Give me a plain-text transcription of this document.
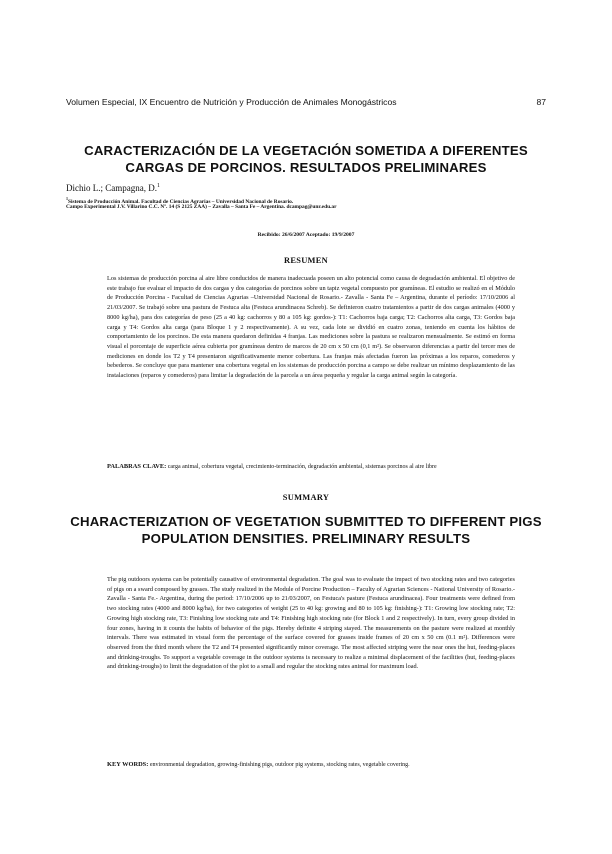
Volumen Especial, IX Encuentro de Nutrición y Producción de Animales Monogástricos	87
CARACTERIZACIÓN DE LA VEGETACIÓN SOMETIDA A DIFERENTES CARGAS DE PORCINOS. RESULTADOS PRELIMINARES
Dichio L.; Campagna, D.$^1$
$^1$Sistema de Producción Animal. Facultad de Ciencias Agrarias – Universidad Nacional de Rosario.
Campo Experimental J.V. Villarino C.C. Nº. 14 (S 2125 ZAA) – Zavalla – Santa Fe – Argentina. dcampag@unr.edu.ar
Recibido: 26/6/2007 Aceptado: 19/9/2007
RESUMEN
Los sistemas de producción porcina al aire libre conducidos de manera inadecuada poseen un alto potencial como causa de degradación ambiental. El objetivo de este trabajo fue evaluar el impacto de dos cargas y dos categorías de porcinos sobre un tapiz vegetal compuesto por gramíneas. El estudio se realizó en el Módulo de Producción Porcina - Facultad de Ciencias Agrarias –Universidad Nacional de Rosario.- Zavalla - Santa Fe – Argentina, durante el período: 17/10/2006 al 21/03/2007. Se trabajó sobre una pastura de Festuca alta (Festuca arundinacea Schreb). Se definieron cuatro tratamientos a partir de dos cargas animales (4000 y 8000 kg/ha), para dos categorías de peso (25 a 40 kg: cachorros y 80 a 105 kg: gordos-): T1: Cachorros baja carga; T2: Cachorros alta carga, T3: Gordos baja carga y T4: Gordos alta carga (para Bloque 1 y 2 respectivamente). A su vez, cada lote se dividió en cuatro zonas, teniendo en cuenta los hábitos de comportamiento de los porcinos. De esta manera quedaron definidas 4 franjas. Las mediciones sobre la pastura se realizaron mensualmente. Se estimó en forma visual el porcentaje de superficie aérea cubierta por gramíneas dentro de marcos de 20 cm x 50 cm (0,1 m²). Se observaron diferencias a partir del tercer mes de mediciones en donde los T2 y T4 presentaron significativamente menor cobertura. Las franjas más afectadas fueron las próximas a los reparos, comederos y bebederos. Se concluye que para mantener una cobertura vegetal en los sistemas de producción porcina a campo se debe realizar un mínimo desplazamiento de las instalaciones (reparos y comederos) para limitar la degradación de la parcela a un área pequeña y regular la carga animal según la categoría.
PALABRAS CLAVE: carga animal, cobertura vegetal, crecimiento-terminación, degradación ambiental, sistemas porcinos al aire libre
SUMMARY
CHARACTERIZATION OF VEGETATION SUBMITTED TO DIFFERENT PIGS POPULATION DENSITIES. PRELIMINARY RESULTS
The pig outdoors systems can be potentially causative of environmental degradation. The goal was to evaluate the impact of two stocking rates and two categories of pigs on a sward composed by grasses. The study realized in the Module of Porcine Production – Faculty of Agrarian Sciences - National University of Rosario.- Zavalla - Santa Fe.- Argentina, during the period: 17/10/2006 up to 21/03/2007, on Festuca's pasture (Festuca arundinacea). Four treatments were defined from two stocking rates (4000 and 8000 kg/ha), for two categories of weight (25 to 40 kg: growing and 80 to 105 kg: finishing-): T1: Growing low stocking rate; T2: Growing high stocking rate, T3: Finishing low stocking rate and T4: Finishing high stocking rate (for Block 1 and 2 respectively). In turn, every group divided in four zones, having in it counts the habits of behavior of the pigs. Hereby definite 4 striping stayed. The measurements on the pasture were realized at monthly intervals. There was estimated in visual form the percentage of the surface covered for grasses inside frames of 20 cm x 50 cm (0.1 m²). Differences were observed from the third month where the T2 and T4 presented significantly minor coverage. The most affected striping were the near ones the hut, feeding-places and drinking-troughs. To support a vegetable coverage in the outdoor systems is necessary to realize a minimal displacement of the facilities (hut, feeding-places and drinking-troughs) to limit the degradation of the plot to a small and regular the stocking rates animal for maximum load.
KEY WORDS: environmental degradation, growing-finishing pigs, outdoor pig systems, stocking rates, vegetable covering.
